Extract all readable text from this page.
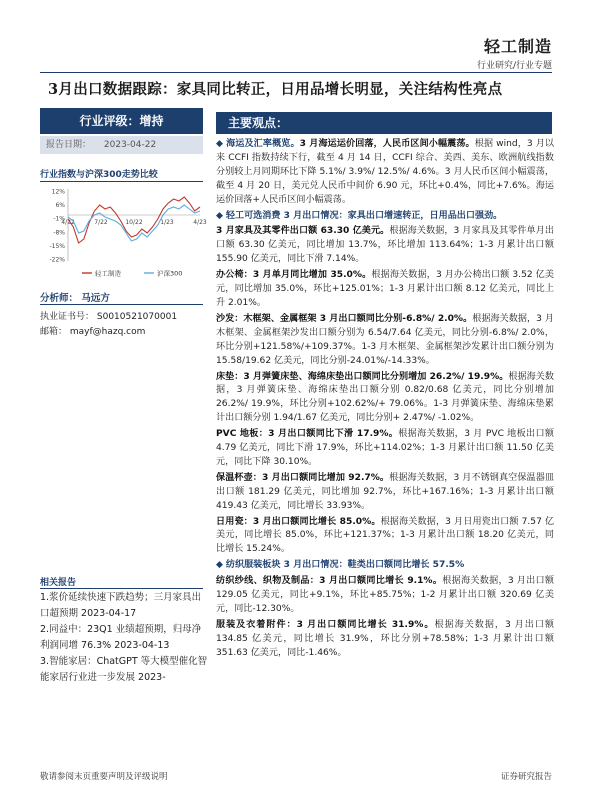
轻工制造
行业研究/行业专题
3月出口数据跟踪：家具同比转正，日用品增长明显，关注结构性亮点
行业评级：增持
报告日期： 2023-04-22
行业指数与沪深300走势比较
12%
6%
-1%
-8%
-15%
-22%
4/22	7/22	10/22	1/23	4/23
轻工制造	沪深300
分析师： 马远方
执业证书号： S0010521070001
邮箱： mayf@hazq.com
相关报告
1.浆价延续快速下跌趋势；三月家具出口超预期 2023-04-17
2.同益中：23Q1 业绩超预期，归母净利润同增 76.3% 2023-04-13
3.智能家居：ChatGPT 等大模型催化智能家居行业进一步发展 2023-
主要观点：

◆ 海运及汇率概览。3 月海运运价回落，人民币区间小幅震荡。根据 wind，3 月以来 CCFI 指数持续下行，截至 4 月 14 日，CCFI 综合、美西、美东、欧洲航线指数分别较上月同期环比下降 5.1%/ 3.9%/ 12.5%/ 4.6%。3 月人民币区间小幅震荡，截至 4 月 20 日，美元兑人民币中间价 6.90 元，环比+0.4%，同比+7.6%。海运运价回落+人民币区间小幅震荡。

◆ 轻工可选消费 3 月出口情况：家具出口增速转正，日用品出口强劲。

3 月家具及其零件出口额 63.30 亿美元。根据海关数据，3 月家具及其零件单月出口额 63.30 亿美元，同比增加 13.7%，环比增加 113.64%；1-3 月累计出口额 155.90 亿美元，同比下滑 7.14%。

办公椅：3 月单月同比增加 35.0%。根据海关数据，3 月办公椅出口额 3.52 亿美元，同比增加 35.0%，环比+125.01%；1-3 月累计出口额 8.12 亿美元，同比上升 2.01%。

沙发：木框架、金属框架 3 月出口额同比分别-6.8%/ 2.0%。根据海关数据，3 月木框架、金属框架沙发出口额分别为 6.54/7.64 亿美元，同比分别-6.8%/ 2.0%，环比分别+121.58%/+109.37%。1-3 月木框架、金属框架沙发累计出口额分别为 15.58/19.62 亿美元，同比分别-24.01%/-14.33%。

床垫：3 月弹簧床垫、海绵床垫出口额同比分别增加 26.2%/ 19.9%。根据海关数据，3 月弹簧床垫、海绵床垫出口额分别 0.82/0.68 亿美元，同比分别增加 26.2%/ 19.9%，环比分别+102.62%/+ 79.06%。1-3 月弹簧床垫、海绵床垫累计出口额分别 1.94/1.67 亿美元，同比分别+ 2.47%/ -1.02%。

PVC 地板：3 月出口额同比下滑 17.9%。根据海关数据，3 月 PVC 地板出口额 4.79 亿美元，同比下滑 17.9%，环比+114.02%；1-3 月累计出口额 11.50 亿美元，同比下降 30.10%。

保温杯壶：3 月出口额同比增加 92.7%。根据海关数据，3 月不锈钢真空保温器皿出口额 181.29 亿美元，同比增加 92.7%，环比+167.16%；1-3 月累计出口额 419.43 亿美元，同比增长 33.93%。

日用瓷：3 月出口额同比增长 85.0%。根据海关数据，3 月日用瓷出口额 7.57 亿美元，同比增长 85.0%，环比+121.37%；1-3 月累计出口额 18.20 亿美元，同比增长 15.24%。

◆ 纺织服装板块 3 月出口情况：鞋类出口额同比增长 57.5%

纺织纱线、织物及制品：3 月出口额同比增长 9.1%。根据海关数据，3 月出口额 129.05 亿美元，同比+9.1%，环比+85.75%；1-2 月累计出口额 320.69 亿美元，同比-12.30%。

服装及衣着附件：3 月出口额同比增长 31.9%。根据海关数据，3 月出口额 134.85 亿美元，同比增长 31.9%，环比分别+78.58%；1-3 月累计出口额 351.63 亿美元，同比-1.46%。

敬请参阅末页重要声明及评级说明	证券研究报告
